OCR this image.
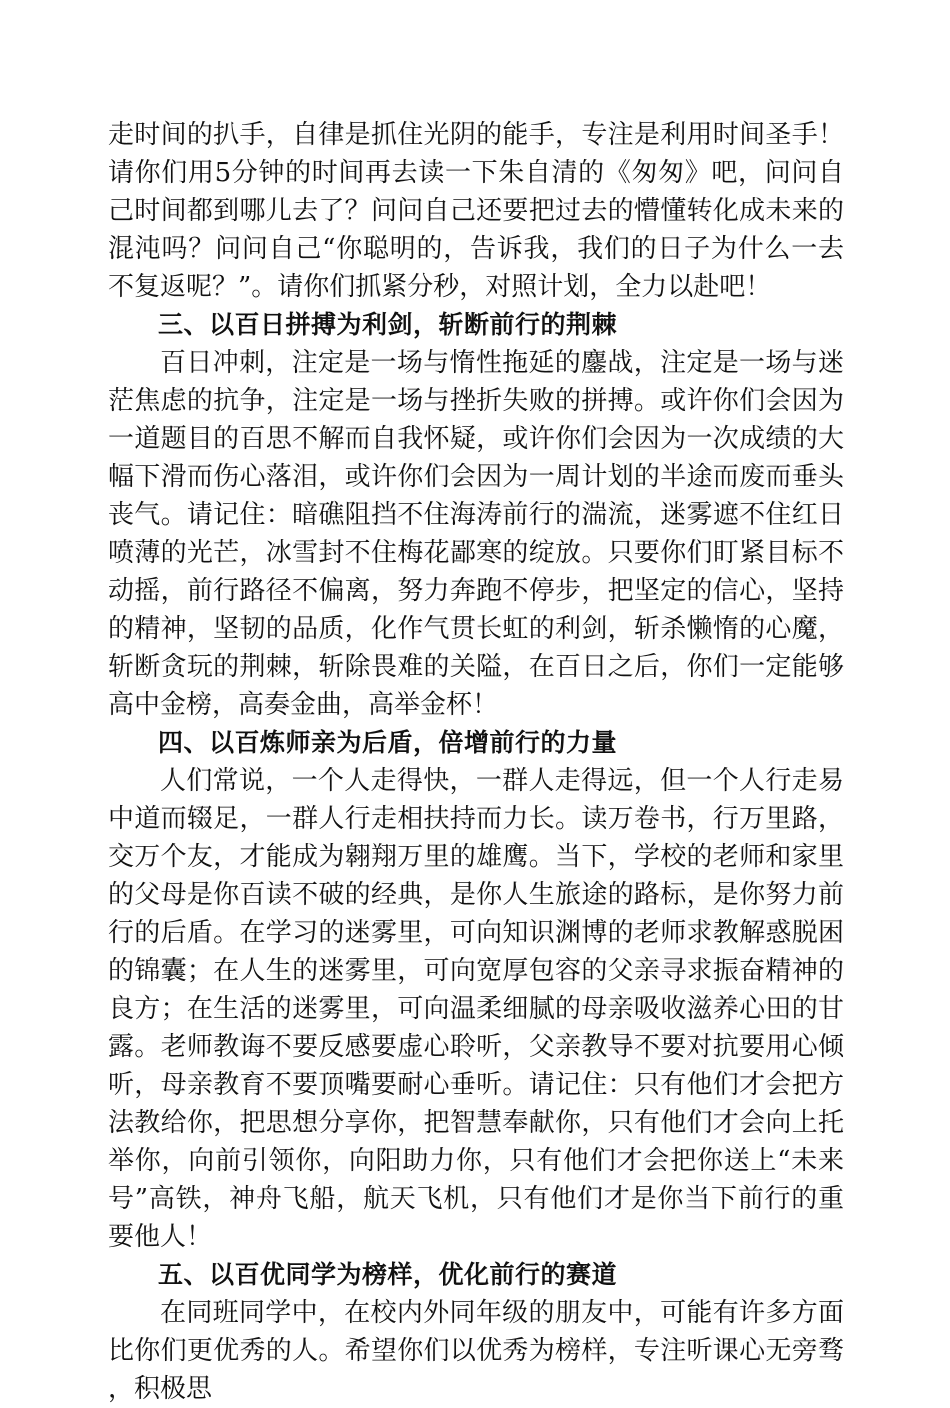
走时间的扒手，自律是抓住光阴的能手，专注是利用时间圣手！请你们用5分钟的时间再去读一下朱自清的《匆匆》吧，问问自己时间都到哪儿去了？问问自己还要把过去的懵懂转化成未来的混沌吗？问问自己“你聪明的，告诉我，我们的日子为什么一去不复返呢？”。请你们抓紧分秒，对照计划，全力以赴吧！

三、以百日拼搏为利剑，斩断前行的荆棘

百日冲刺，注定是一场与惰性拖延的鏖战，注定是一场与迷茫焦虑的抗争，注定是一场与挫折失败的拼搏。或许你们会因为一道题目的百思不解而自我怀疑，或许你们会因为一次成绩的大幅下滑而伤心落泪，或许你们会因为一周计划的半途而废而垂头丧气。请记住：暗礁阻挡不住海涛前行的湍流，迷雾遮不住红日喷薄的光芒，冰雪封不住梅花鄙寒的绽放。只要你们盯紧目标不动摇，前行路径不偏离，努力奔跑不停步，把坚定的信心，坚持的精神，坚韧的品质，化作气贯长虹的利剑，斩杀懒惰的心魔，斩断贪玩的荆棘，斩除畏难的关隘，在百日之后，你们一定能够高中金榜，高奏金曲，高举金杯！

四、以百炼师亲为后盾，倍增前行的力量

人们常说，一个人走得快，一群人走得远，但一个人行走易中道而辍足，一群人行走相扶持而力长。读万卷书，行万里路，交万个友，才能成为翱翔万里的雄鹰。当下，学校的老师和家里的父母是你百读不破的经典，是你人生旅途的路标，是你努力前行的后盾。在学习的迷雾里，可向知识渊博的老师求教解惑脱困的锦囊；在人生的迷雾里，可向宽厚包容的父亲寻求振奋精神的良方；在生活的迷雾里，可向温柔细腻的母亲吸收滋养心田的甘露。老师教诲不要反感要虚心聆听，父亲教导不要对抗要用心倾听，母亲教育不要顶嘴要耐心垂听。请记住：只有他们才会把方法教给你，把思想分享你，把智慧奉献你，只有他们才会向上托举你，向前引领你，向阳助力你，只有他们才会把你送上“未来号”高铁，神舟飞船，航天飞机，只有他们才是你当下前行的重要他人！

五、以百优同学为榜样，优化前行的赛道

在同班同学中，在校内外同年级的朋友中，可能有许多方面比你们更优秀的人。希望你们以优秀为榜样，专注听课心无旁骛，积极思
